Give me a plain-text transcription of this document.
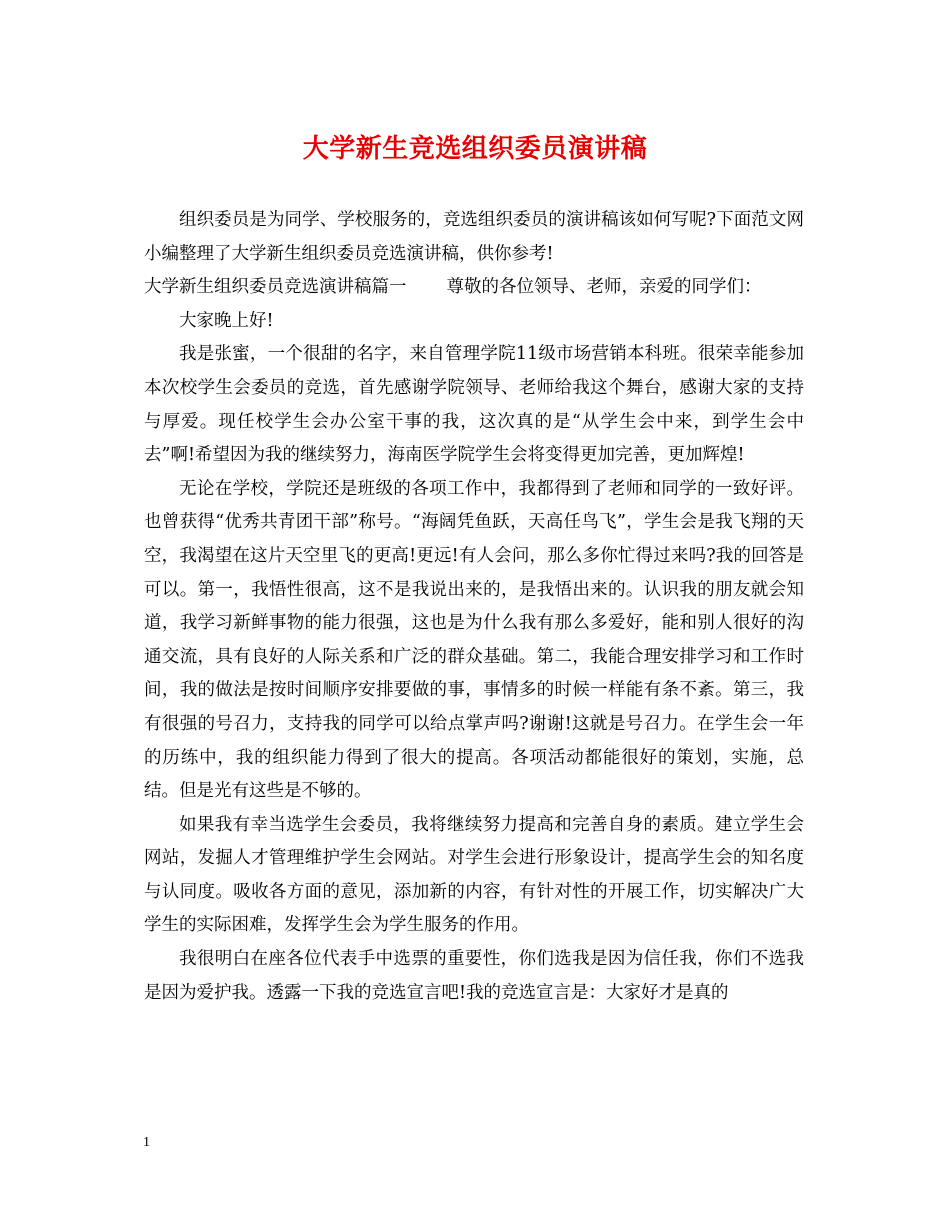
大学新生竞选组织委员演讲稿

组织委员是为同学、学校服务的，竞选组织委员的演讲稿该如何写呢?下面范文网小编整理了大学新生组织委员竞选演讲稿，供你参考!

大学新生组织委员竞选演讲稿篇一 尊敬的各位领导、老师，亲爱的同学们：

大家晚上好!

我是张蜜，一个很甜的名字，来自管理学院11级市场营销本科班。很荣幸能参加本次校学生会委员的竞选，首先感谢学院领导、老师给我这个舞台，感谢大家的支持与厚爱。现任校学生会办公室干事的我，这次真的是“从学生会中来，到学生会中去”啊!希望因为我的继续努力，海南医学院学生会将变得更加完善，更加辉煌!

无论在学校，学院还是班级的各项工作中，我都得到了老师和同学的一致好评。也曾获得“优秀共青团干部”称号。“海阔凭鱼跃，天高任鸟飞”，学生会是我飞翔的天空，我渴望在这片天空里飞的更高!更远!有人会问，那么多你忙得过来吗?我的回答是可以。第一，我悟性很高，这不是我说出来的，是我悟出来的。认识我的朋友就会知道，我学习新鲜事物的能力很强，这也是为什么我有那么多爱好，能和别人很好的沟通交流，具有良好的人际关系和广泛的群众基础。第二，我能合理安排学习和工作时间，我的做法是按时间顺序安排要做的事，事情多的时候一样能有条不紊。第三，我有很强的号召力，支持我的同学可以给点掌声吗?谢谢!这就是号召力。在学生会一年的历练中，我的组织能力得到了很大的提高。各项活动都能很好的策划，实施，总结。但是光有这些是不够的。

如果我有幸当选学生会委员，我将继续努力提高和完善自身的素质。建立学生会网站，发掘人才管理维护学生会网站。对学生会进行形象设计，提高学生会的知名度与认同度。吸收各方面的意见，添加新的内容，有针对性的开展工作，切实解决广大学生的实际困难，发挥学生会为学生服务的作用。

我很明白在座各位代表手中选票的重要性，你们选我是因为信任我，你们不选我是因为爱护我。透露一下我的竞选宣言吧!我的竞选宣言是：大家好才是真的

1
